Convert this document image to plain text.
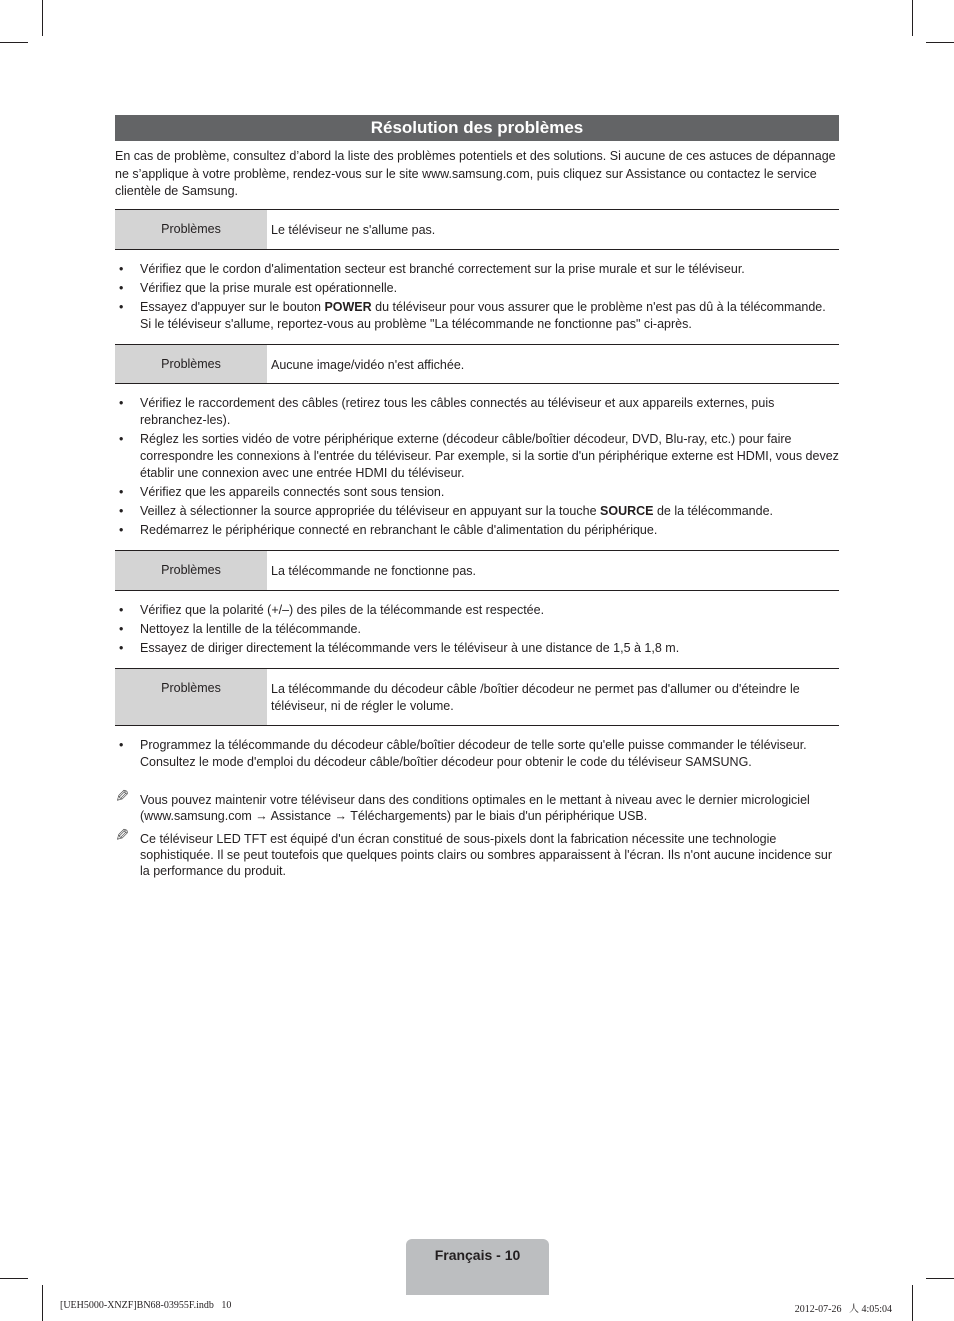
Résolution des problèmes
En cas de problème, consultez d’abord la liste des problèmes potentiels et des solutions. Si aucune de ces astuces de dépannage ne s’applique à votre problème, rendez-vous sur le site www.samsung.com, puis cliquez sur Assistance ou contactez le service clientèle de Samsung.
Problèmes	Le téléviseur ne s'allume pas.
• Vérifiez que le cordon d'alimentation secteur est branché correctement sur la prise murale et sur le téléviseur.
• Vérifiez que la prise murale est opérationnelle.
• Essayez d'appuyer sur le bouton POWER du téléviseur pour vous assurer que le problème n'est pas dû à la télécommande. Si le téléviseur s'allume, reportez-vous au problème "La télécommande ne fonctionne pas" ci-après.
Problèmes	Aucune image/vidéo n'est affichée.
• Vérifiez le raccordement des câbles (retirez tous les câbles connectés au téléviseur et aux appareils externes, puis rebranchez-les).
• Réglez les sorties vidéo de votre périphérique externe (décodeur câble/boîtier décodeur, DVD, Blu-ray, etc.) pour faire correspondre les connexions à l'entrée du téléviseur. Par exemple, si la sortie d'un périphérique externe est HDMI, vous devez établir une connexion avec une entrée HDMI du téléviseur.
• Vérifiez que les appareils connectés sont sous tension.
• Veillez à sélectionner la source appropriée du téléviseur en appuyant sur la touche SOURCE de la télécommande.
• Redémarrez le périphérique connecté en rebranchant le câble d'alimentation du périphérique.
Problèmes	La télécommande ne fonctionne pas.
• Vérifiez que la polarité (+/–) des piles de la télécommande est respectée.
• Nettoyez la lentille de la télécommande.
• Essayez de diriger directement la télécommande vers le téléviseur à une distance de 1,5 à 1,8 m.
Problèmes	La télécommande du décodeur câble /boîtier décodeur ne permet pas d'allumer ou d'éteindre le téléviseur, ni de régler le volume.
• Programmez la télécommande du décodeur câble/boîtier décodeur de telle sorte qu'elle puisse commander le téléviseur. Consultez le mode d'emploi du décodeur câble/boîtier décodeur pour obtenir le code du téléviseur SAMSUNG.
✎ Vous pouvez maintenir votre téléviseur dans des conditions optimales en le mettant à niveau avec le dernier micrologiciel (www.samsung.com → Assistance → Téléchargements) par le biais d'un périphérique USB.
✎ Ce téléviseur LED TFT est équipé d'un écran constitué de sous-pixels dont la fabrication nécessite une technologie sophistiquée. Il se peut toutefois que quelques points clairs ou sombres apparaissent à l'écran. Ils n'ont aucune incidence sur la performance du produit.
Français - 10
[UEH5000-XNZF]BN68-03955F.indb   10	2012-07-26   ⼈ 4:05:04
